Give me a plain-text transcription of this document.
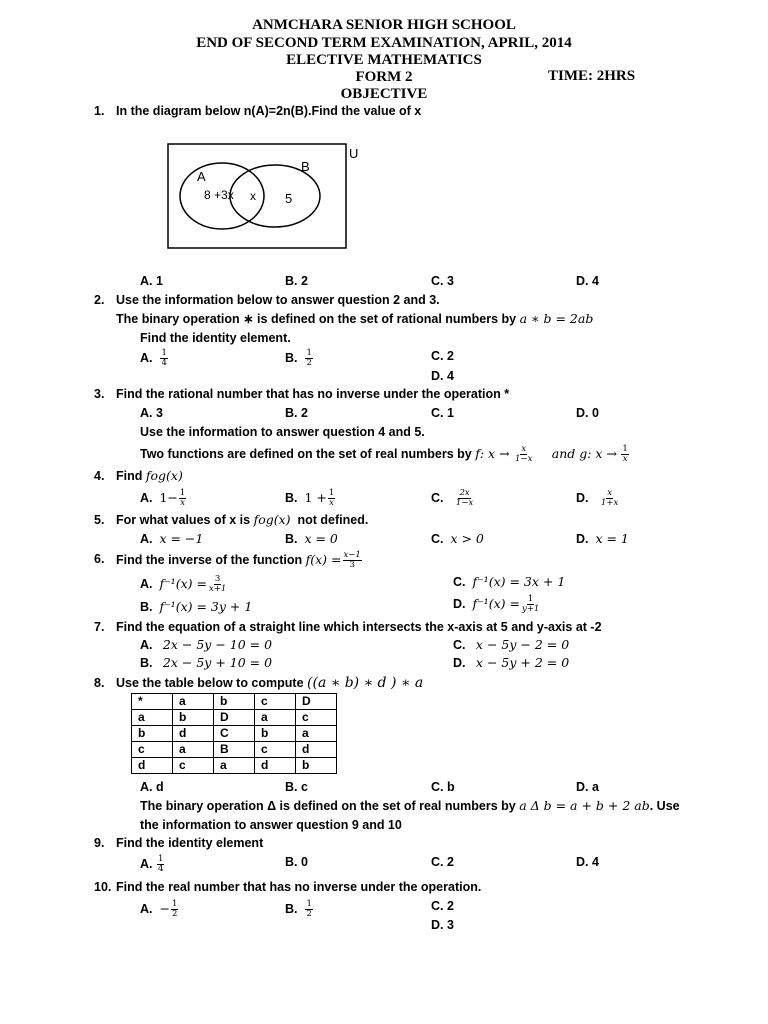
ANMCHARA SENIOR HIGH SCHOOL
END OF SECOND TERM EXAMINATION, APRIL, 2014
ELECTIVE MATHEMATICS
FORM 2	TIME: 2HRS
OBJECTIVE
1. In the diagram below n(A)=2n(B).Find the value of x
A
B
U
8 +3x x 5
A. 1	B. 2	C. 3	D. 4
2. Use the information below to answer question 2 and 3.
The binary operation ∗ is defined on the set of rational numbers by a ∗ b = 2ab
Find the identity element.
A. $\frac{1}{4}$	B. $\frac{1}{2}$	C. 2
D. 4
3. Find the rational number that has no inverse under the operation *
A. 3	B. 2	C. 1	D. 0
Use the information to answer question 4 and 5.
Two functions are defined on the set of real numbers by f: $x \to \frac{x}{1-x}$ and g: $x \to \frac{1}{x}$
4. Find fog(x)
A. $1- \frac{1}{x}$	B. $1 + \frac{1}{x}$	C. $\frac{2x}{1-x}$	D. $\frac{x}{1+x}$
5. For what values of x is fog(x) not defined.
A. x = −1	B. x = 0	C. x > 0	D. x = 1
6. Find the inverse of the function $f(x) = \frac{x-1}{3}$
A. $f^{-1}(x) = \frac{3}{x+1}$
B. f⁻¹(x) = 3y + 1
C. f⁻¹(x) = 3x + 1
D. $f^{-1}(x) = \frac{1}{y+1}$
7. Find the equation of a straight line which intersects the x-axis at 5 and y-axis at -2
A. 2x − 5y − 10 = 0
B. 2x − 5y + 10 = 0
C. x − 5y − 2 = 0
D. x − 5y + 2 = 0
8. Use the table below to compute ((a ∗ b) ∗ d ) ∗ a
*	a	b	c	D
a	b	D	a	c
b	d	C	b	a
c	a	B	c	d
d	c	a	d	b
A. d	B. c	C. b	D. a
The binary operation Δ is defined on the set of real numbers by a Δ b = a + b + 2 ab. Use
the information to answer question 9 and 10
9. Find the identity element
A. $\frac{1}{4}$	B. 0	C. 2	D. 4
10. Find the real number that has no inverse under the operation.
A. − $\frac{1}{2}$	B. $\frac{1}{2}$	C. 2
D. 3
